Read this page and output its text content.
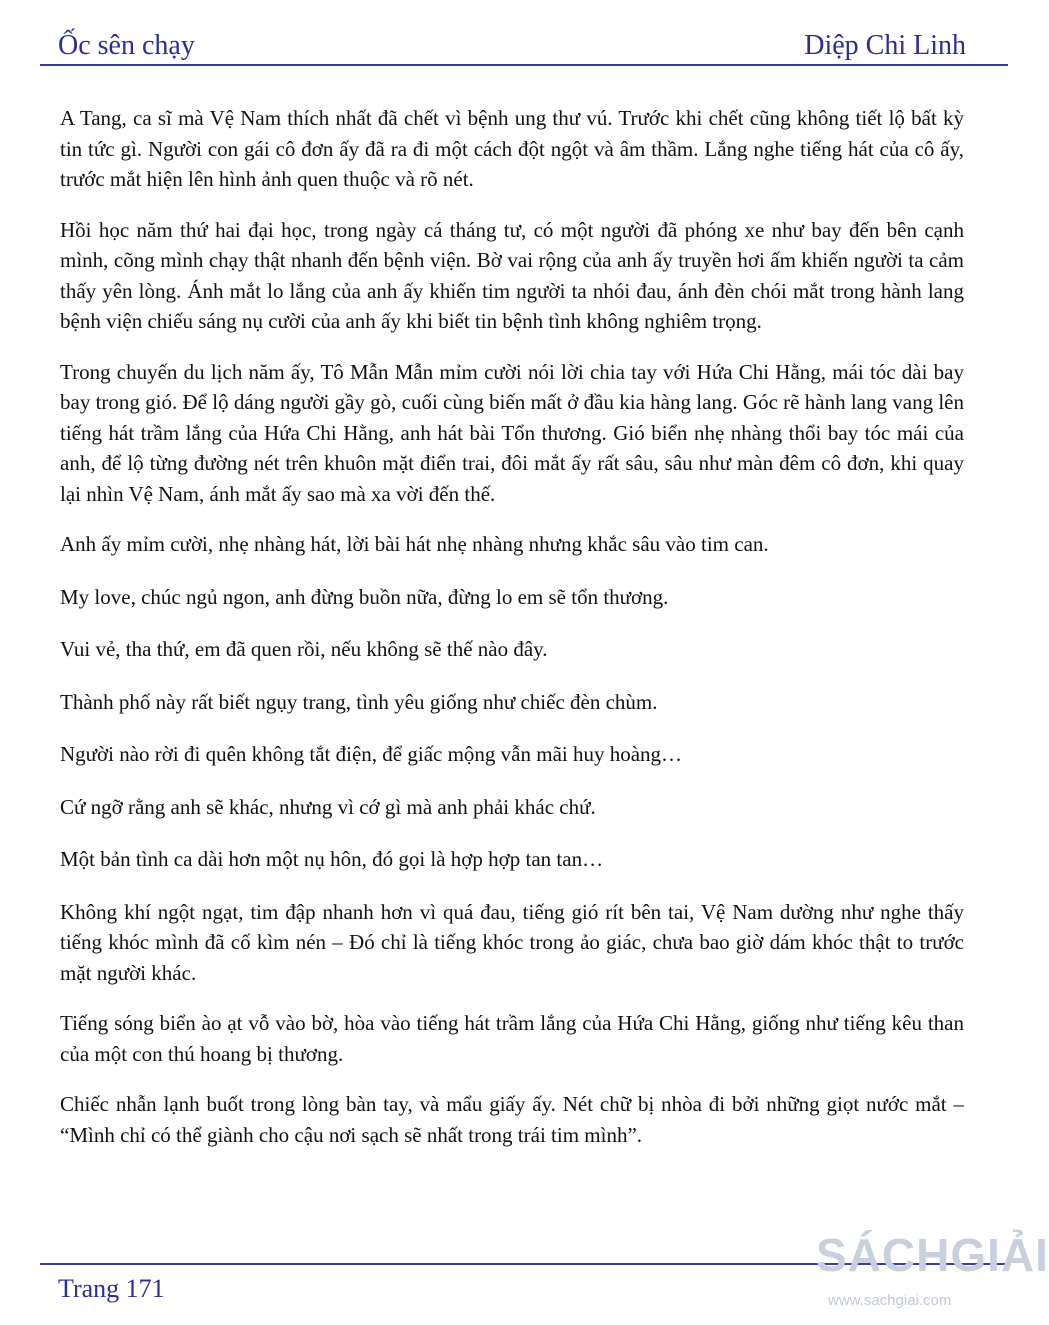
Ốc sên chạy	Diệp Chi Linh

A Tang, ca sĩ mà Vệ Nam thích nhất đã chết vì bệnh ung thư vú. Trước khi chết cũng không tiết lộ bất kỳ tin tức gì. Người con gái cô đơn ấy đã ra đi một cách đột ngột và âm thầm. Lắng nghe tiếng hát của cô ấy, trước mắt hiện lên hình ảnh quen thuộc và rõ nét.

Hồi học năm thứ hai đại học, trong ngày cá tháng tư, có một người đã phóng xe như bay đến bên cạnh mình, cõng mình chạy thật nhanh đến bệnh viện. Bờ vai rộng của anh ấy truyền hơi ấm khiến người ta cảm thấy yên lòng. Ánh mắt lo lắng của anh ấy khiến tim người ta nhói đau, ánh đèn chói mắt trong hành lang bệnh viện chiếu sáng nụ cười của anh ấy khi biết tin bệnh tình không nghiêm trọng.

Trong chuyến du lịch năm ấy, Tô Mẫn Mẫn mỉm cười nói lời chia tay với Hứa Chi Hằng, mái tóc dài bay bay trong gió. Để lộ dáng người gầy gò, cuối cùng biến mất ở đầu kia hàng lang. Góc rẽ hành lang vang lên tiếng hát trầm lắng của Hứa Chi Hằng, anh hát bài Tổn thương. Gió biển nhẹ nhàng thổi bay tóc mái của anh, để lộ từng đường nét trên khuôn mặt điển trai, đôi mắt ấy rất sâu, sâu như màn đêm cô đơn, khi quay lại nhìn Vệ Nam, ánh mắt ấy sao mà xa vời đến thế.

Anh ấy mỉm cười, nhẹ nhàng hát, lời bài hát nhẹ nhàng nhưng khắc sâu vào tim can.

My love, chúc ngủ ngon, anh đừng buồn nữa, đừng lo em sẽ tổn thương.

Vui vẻ, tha thứ, em đã quen rồi, nếu không sẽ thế nào đây.

Thành phố này rất biết ngụy trang, tình yêu giống như chiếc đèn chùm.

Người nào rời đi quên không tắt điện, để giấc mộng vẫn mãi huy hoàng…

Cứ ngỡ rằng anh sẽ khác, nhưng vì cớ gì mà anh phải khác chứ.

Một bản tình ca dài hơn một nụ hôn, đó gọi là hợp hợp tan tan…

Không khí ngột ngạt, tim đập nhanh hơn vì quá đau, tiếng gió rít bên tai, Vệ Nam dường như nghe thấy tiếng khóc mình đã cố kìm nén – Đó chỉ là tiếng khóc trong ảo giác, chưa bao giờ dám khóc thật to trước mặt người khác.

Tiếng sóng biển ào ạt vỗ vào bờ, hòa vào tiếng hát trầm lắng của Hứa Chi Hằng, giống như tiếng kêu than của một con thú hoang bị thương.

Chiếc nhẫn lạnh buốt trong lòng bàn tay, và mẩu giấy ấy. Nét chữ bị nhòa đi bởi những giọt nước mắt – “Mình chỉ có thể giành cho cậu nơi sạch sẽ nhất trong trái tim mình”.

Trang 171
SÁCHGIẢI
www.sachgiai.com
